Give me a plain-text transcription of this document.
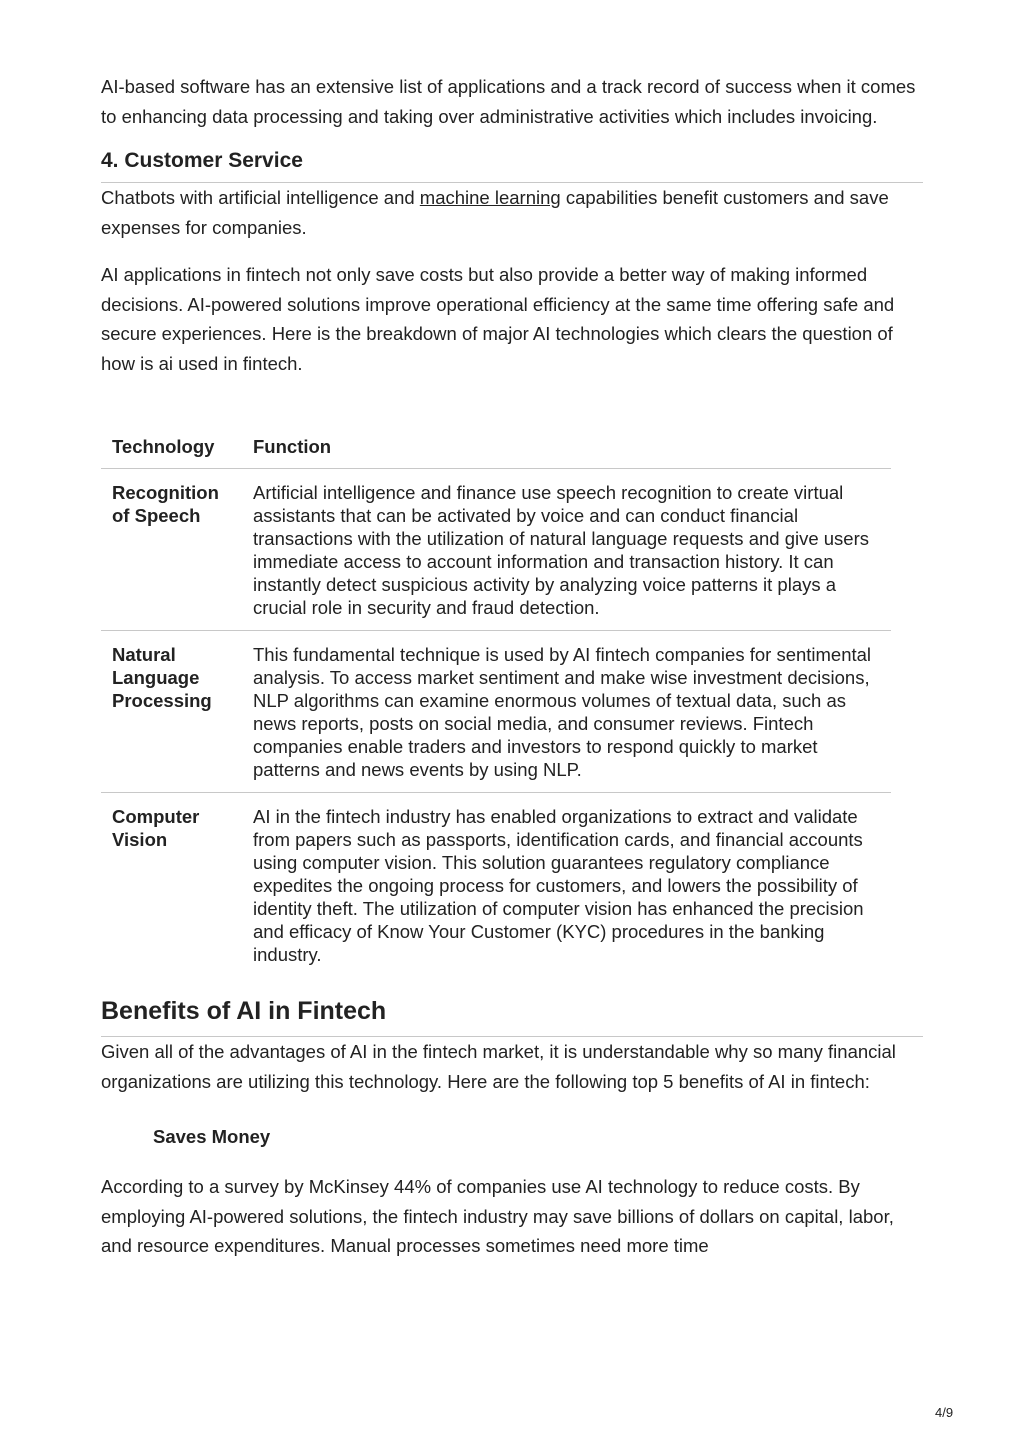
AI-based software has an extensive list of applications and a track record of success when it comes to enhancing data processing and taking over administrative activities which includes invoicing.

4. Customer Service

Chatbots with artificial intelligence and machine learning capabilities benefit customers and save expenses for companies.

AI applications in fintech not only save costs but also provide a better way of making informed decisions. AI-powered solutions improve operational efficiency at the same time offering safe and secure experiences. Here is the breakdown of major AI technologies which clears the question of how is ai used in fintech.

Technology	Function
Recognition of Speech	Artificial intelligence and finance use speech recognition to create virtual assistants that can be activated by voice and can conduct financial transactions with the utilization of natural language requests and give users immediate access to account information and transaction history. It can instantly detect suspicious activity by analyzing voice patterns it plays a crucial role in security and fraud detection.
Natural Language Processing	This fundamental technique is used by AI fintech companies for sentimental analysis. To access market sentiment and make wise investment decisions, NLP algorithms can examine enormous volumes of textual data, such as news reports, posts on social media, and consumer reviews. Fintech companies enable traders and investors to respond quickly to market patterns and news events by using NLP.
Computer Vision	AI in the fintech industry has enabled organizations to extract and validate from papers such as passports, identification cards, and financial accounts using computer vision. This solution guarantees regulatory compliance expedites the ongoing process for customers, and lowers the possibility of identity theft. The utilization of computer vision has enhanced the precision and efficacy of Know Your Customer (KYC) procedures in the banking industry.
Benefits of AI in Fintech

Given all of the advantages of AI in the fintech market, it is understandable why so many financial organizations are utilizing this technology. Here are the following top 5 benefits of AI in fintech:

Saves Money

According to a survey by McKinsey 44% of companies use AI technology to reduce costs. By employing AI-powered solutions, the fintech industry may save billions of dollars on capital, labor, and resource expenditures. Manual processes sometimes need more time

4/9
